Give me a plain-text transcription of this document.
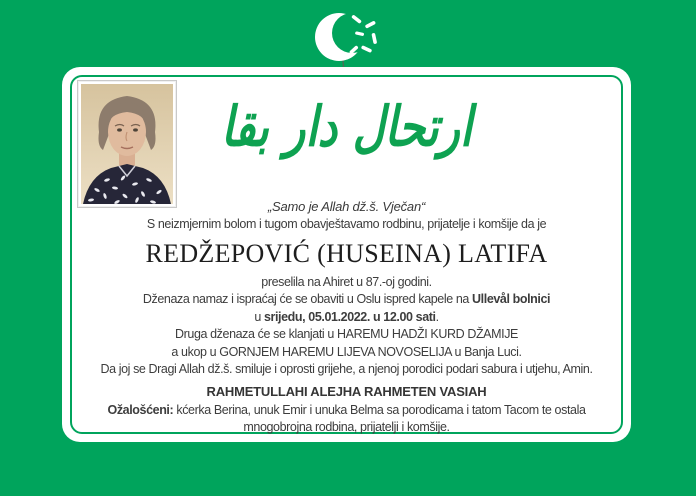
ارتحال دار بقا
„Samo je Allah dž.š. Vječan“
S neizmjernim bolom i tugom obavještavamo rodbinu, prijatelje i komšije da je
REDŽEPOVIĆ (HUSEINA) LATIFA
preselila na Ahiret u 87.-oj godini.
Dženaza namaz i ispraćaj će se obaviti u Oslu ispred kapele na Ullevål bolnici
u srijedu, 05.01.2022. u 12.00 sati.
Druga dženaza će se klanjati u HAREMU HADŽI KURD DŽAMIJE
a ukop u GORNJEM HAREMU LIJEVA NOVOSELIJA u Banja Luci.
Da joj se Dragi Allah dž.š. smiluje i oprosti grijehe, a njenoj porodici podari sabura i utjehu, Amin.
RAHMETULLAHI ALEJHA RAHMETEN VASIAH
Ožalošćeni: kćerka Berina, unuk Emir i unuka Belma sa porodicama i tatom Tacom te ostala
mnogobrojna rodbina, prijatelji i komšije.
